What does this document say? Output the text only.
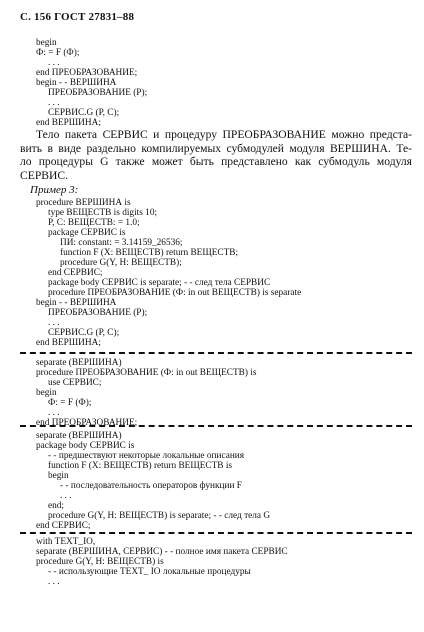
С. 156 ГОСТ 27831–88
begin
Ф: = F (Ф);
. . .
end ПРЕОБРАЗОВАНИЕ;
begin - - ВЕРШИНА
ПРЕОБРАЗОВАНИЕ (Р);
. . .
СЕРВИС.G (Р, С);
end ВЕРШИНА;
Тело пакета СЕРВИС и процедуру ПРЕОБРАЗОВАНИЕ можно предста-
вить в виде раздельно компилируемых субмодулей модуля ВЕРШИНА. Те-
ло процедуры G также может быть представлено как субмодуль модуля
СЕРВИС.
Пример 3:
procedure ВЕРШИНА is
type ВЕЩЕСТВ is digits 10;
P, С: ВЕЩЕСТВ: = 1.0;
package СЕРВИС is
ПИ: constant: = 3.14159_26536;
function F (X: ВЕЩЕСТВ) return ВЕЩЕСТВ;
procedure G(Y, H: ВЕЩЕСТВ);
end СЕРВИС;
package body СЕРВИС is separate; - - след тела СЕРВИС
procedure ПРЕОБРАЗОВАНИЕ (Ф: in out ВЕЩЕСТВ) is separate
begin - - ВЕРШИНА
ПРЕОБРАЗОВАНИЕ (Р);
. . .
СЕРВИС.G (Р, С);
end ВЕРШИНА;
separate (ВЕРШИНА)
procedure ПРЕОБРАЗОВАНИЕ (Ф: in out ВЕЩЕСТВ) is
use СЕРВИС;
begin
Ф: = F (Ф);
. . .
end ПРЕОБРАЗОВАНИЕ;
separate (ВЕРШИНА)
package body СЕРВИС is
- - предшествуют некоторые локальные описания
function F (X: ВЕЩЕСТВ) return ВЕЩЕСТВ is
begin
- - последовательность операторов функции F
. . .
end;
procedure G(Y, H: ВЕЩЕСТВ) is separate; - - след тела G
end СЕРВИС;
with TEXT_IO,
separate (ВЕРШИНА, СЕРВИС) - - полное имя пакета СЕРВИС
procedure G(Y, H: ВЕЩЕСТВ) is
- - использующие TEXT_ IO локальные процедуры
. . .
